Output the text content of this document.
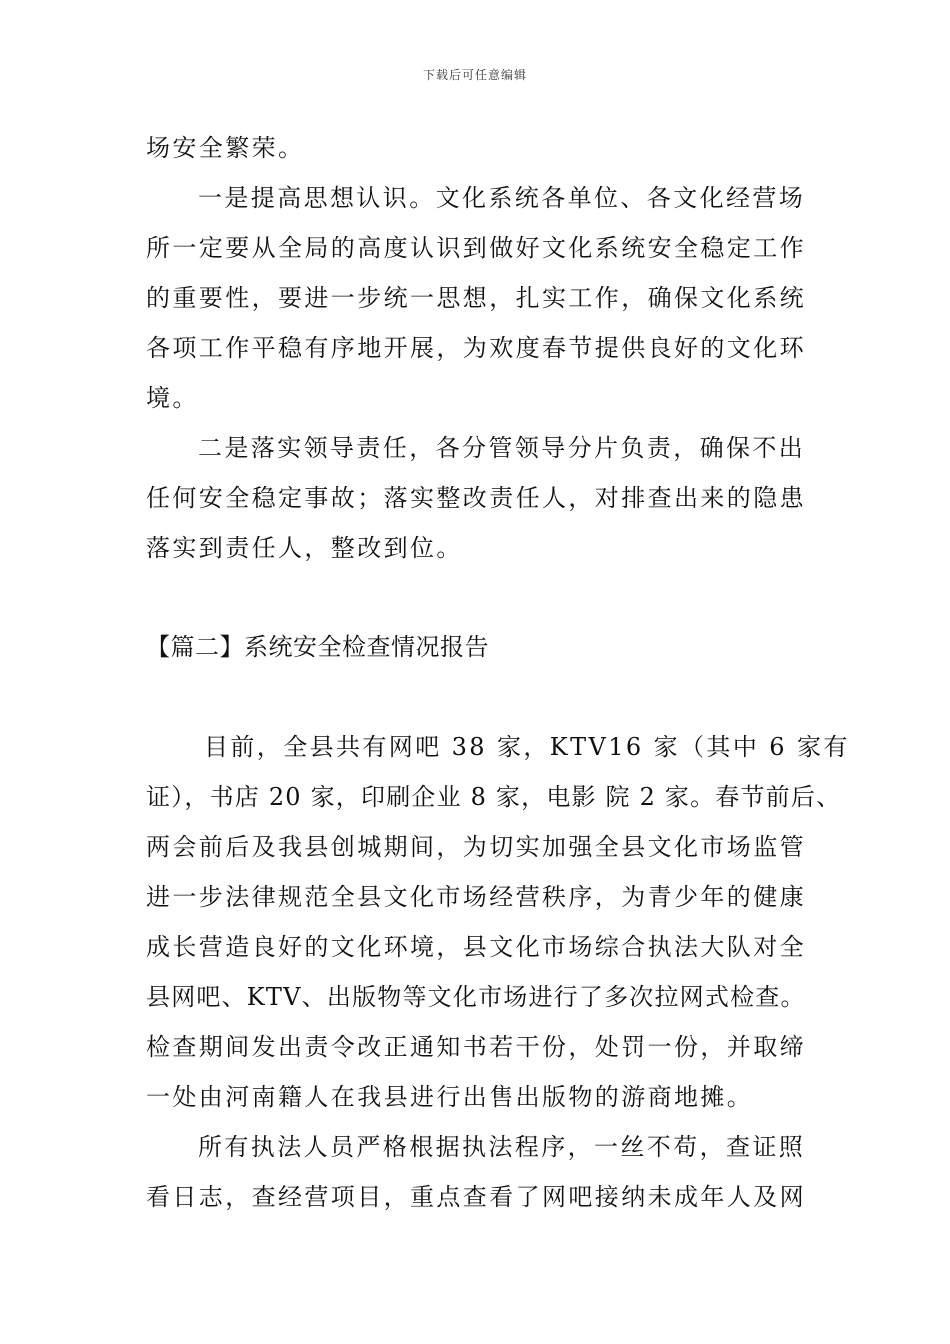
下载后可任意编辑
场安全繁荣。
一是提高思想认识。文化系统各单位、各文化经营场
所一定要从全局的高度认识到做好文化系统安全稳定工作
的重要性，要进一步统一思想，扎实工作，确保文化系统
各项工作平稳有序地开展，为欢度春节提供良好的文化环
境。
二是落实领导责任，各分管领导分片负责，确保不出
任何安全稳定事故；落实整改责任人，对排查出来的隐患
落实到责任人，整改到位。
【篇二】系统安全检查情况报告
目前，全县共有网吧 38 家，KTV16 家（其中 6 家有
证），书店 20 家，印刷企业 8 家，电影 院 2 家。春节前后、
两会前后及我县创城期间，为切实加强全县文化市场监管
进一步法律规范全县文化市场经营秩序，为青少年的健康
成长营造良好的文化环境，县文化市场综合执法大队对全
县网吧、KTV、出版物等文化市场进行了多次拉网式检查。
检查期间发出责令改正通知书若干份，处罚一份，并取缔
一处由河南籍人在我县进行出售出版物的游商地摊。
所有执法人员严格根据执法程序，一丝不苟，查证照
看日志，查经营项目，重点查看了网吧接纳未成年人及网
